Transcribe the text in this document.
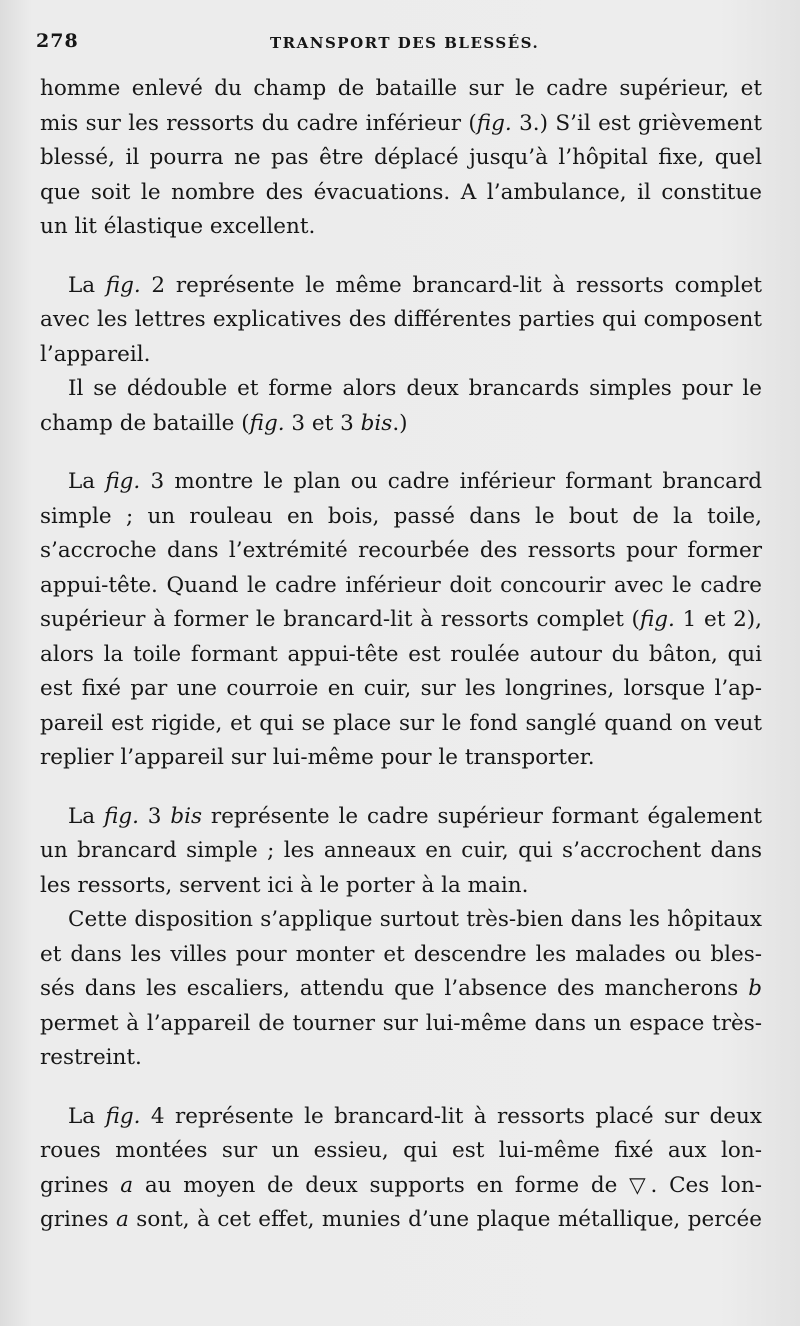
278	TRANSPORT DES BLESSÉS.
homme enlevé du champ de bataille sur le cadre supérieur, et
mis sur les ressorts du cadre inférieur (fig. 3.) S’il est grièvement
blessé, il pourra ne pas être déplacé jusqu’à l’hôpital fixe, quel
que soit le nombre des évacuations. A l’ambulance, il constitue
un lit élastique excellent.
La fig. 2 représente le même brancard-lit à ressorts complet
avec les lettres explicatives des différentes parties qui composent
l’appareil.
Il se dédouble et forme alors deux brancards simples pour le
champ de bataille (fig. 3 et 3 bis.)
La fig. 3 montre le plan ou cadre inférieur formant brancard
simple ; un rouleau en bois, passé dans le bout de la toile,
s’accroche dans l’extrémité recourbée des ressorts pour former
appui-tête. Quand le cadre inférieur doit concourir avec le cadre
supérieur à former le brancard-lit à ressorts complet (fig. 1 et 2),
alors la toile formant appui-tête est roulée autour du bâton, qui
est fixé par une courroie en cuir, sur les longrines, lorsque l’ap-
pareil est rigide, et qui se place sur le fond sanglé quand on veut
replier l’appareil sur lui-même pour le transporter.
La fig. 3 bis représente le cadre supérieur formant également
un brancard simple ; les anneaux en cuir, qui s’accrochent dans
les ressorts, servent ici à le porter à la main.
Cette disposition s’applique surtout très-bien dans les hôpitaux
et dans les villes pour monter et descendre les malades ou bles-
sés dans les escaliers, attendu que l’absence des mancherons b
permet à l’appareil de tourner sur lui-même dans un espace très-
restreint.
La fig. 4 représente le brancard-lit à ressorts placé sur deux
roues montées sur un essieu, qui est lui-même fixé aux lon-
grines a au moyen de deux supports en forme de ▽. Ces lon-
grines a sont, à cet effet, munies d’une plaque métallique, percée
